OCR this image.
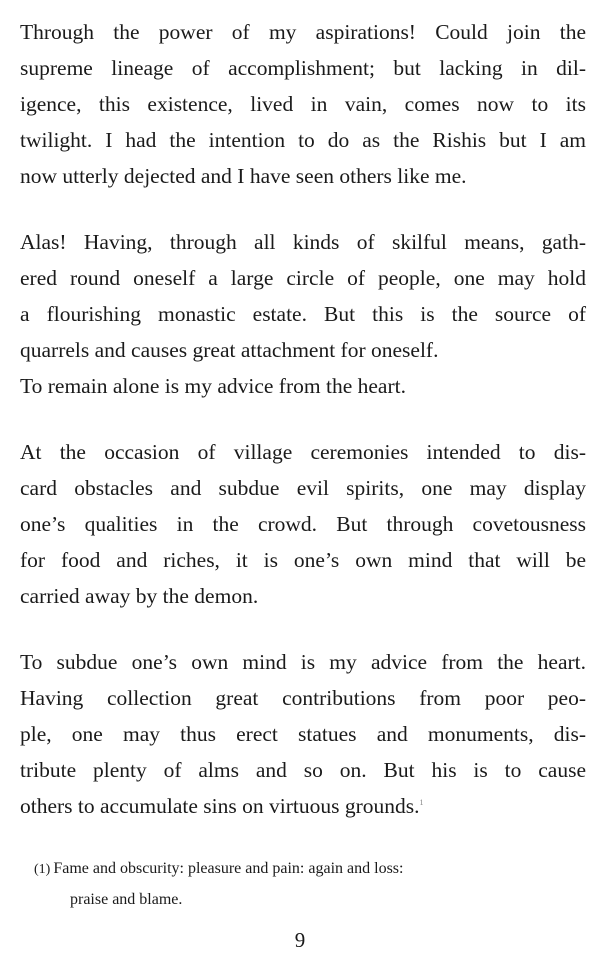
Through the power of my aspirations! Could join the
supreme lineage of accomplishment; but lacking in dil-
igence, this existence, lived in vain, comes now to its
twilight. I had the intention to do as the Rishis but I am
now utterly dejected and I have seen others like me.

Alas! Having, through all kinds of skilful means, gath-
ered round oneself a large circle of people, one may hold
a flourishing monastic estate. But this is the source of
quarrels and causes great attachment for oneself.
To remain alone is my advice from the heart.

At the occasion of village ceremonies intended to dis-
card obstacles and subdue evil spirits, one may display
one’s qualities in the crowd. But through covetousness
for food and riches, it is one’s own mind that will be
carried away by the demon.

To subdue one’s own mind is my advice from the heart.
Having collection great contributions from poor peo-
ple, one may thus erect statues and monuments, dis-
tribute plenty of alms and so on. But his is to cause
others to accumulate sins on virtuous grounds.$^1$

(1) Fame and obscurity: pleasure and pain: again and loss:
praise and blame.
9
